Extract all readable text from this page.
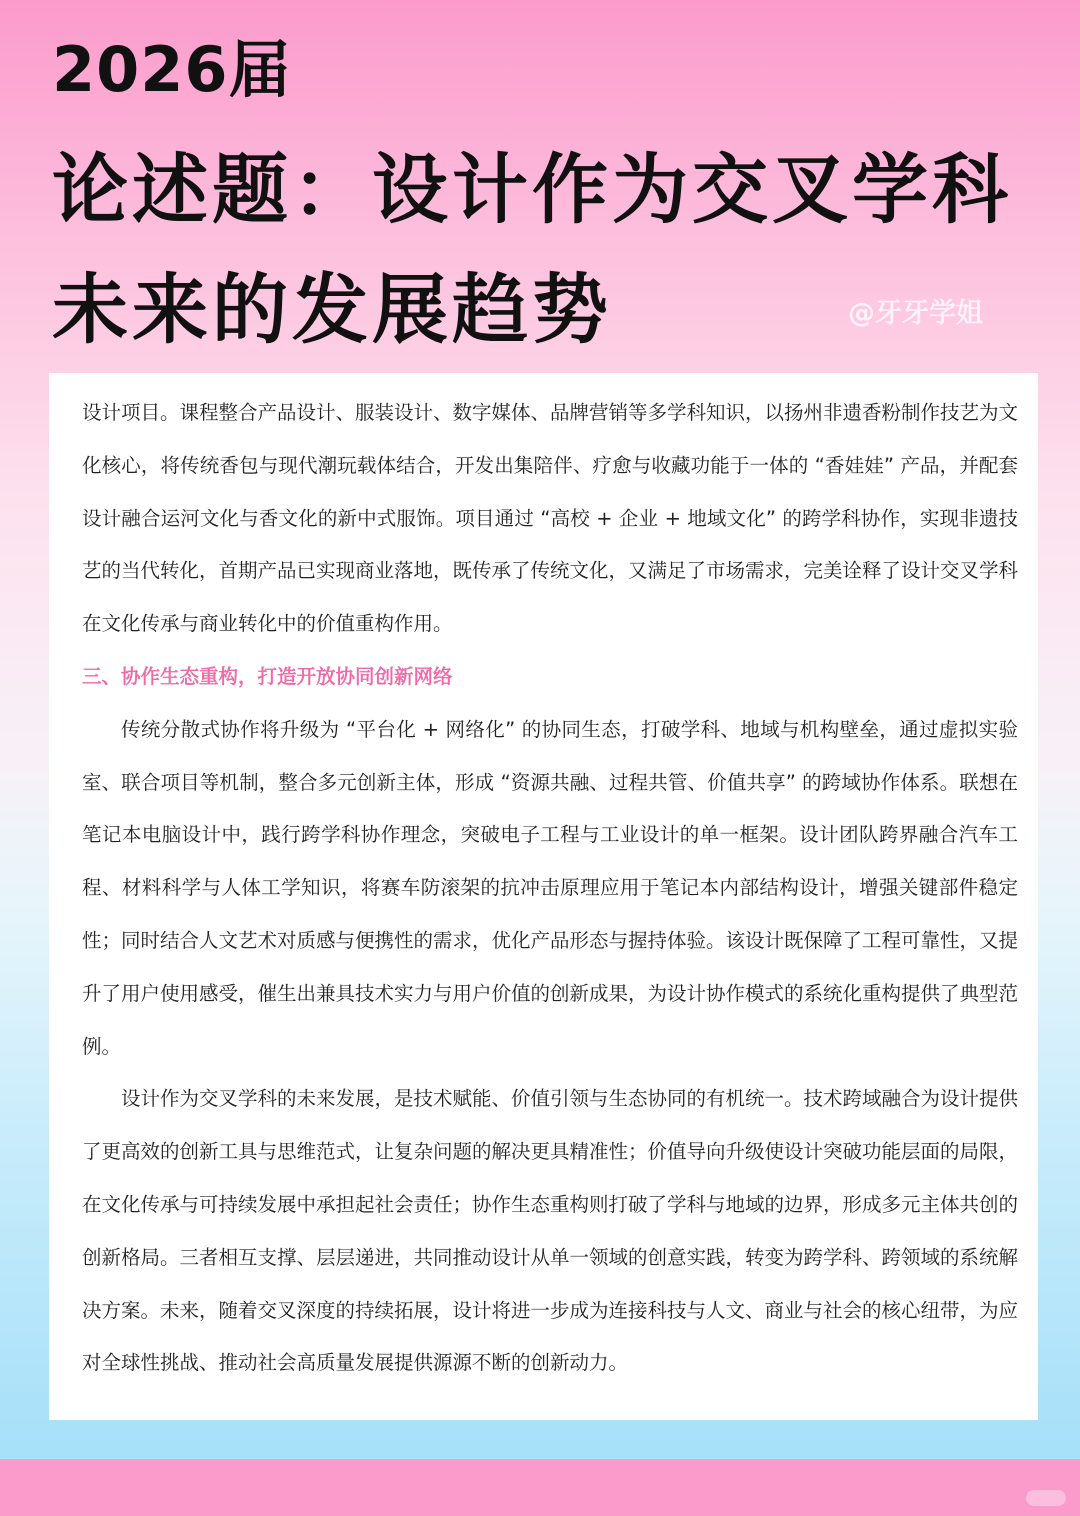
2026届
论述题：设计作为交叉学科
未来的发展趋势	@牙牙学姐

设计项目。课程整合产品设计、服装设计、数字媒体、品牌营销等多学科知识，以扬州非遗香粉制作技艺为文化核心，将传统香包与现代潮玩载体结合，开发出集陪伴、疗愈与收藏功能于一体的 “香娃娃” 产品，并配套设计融合运河文化与香文化的新中式服饰。项目通过 “高校 + 企业 + 地域文化” 的跨学科协作，实现非遗技艺的当代转化，首期产品已实现商业落地，既传承了传统文化，又满足了市场需求，完美诠释了设计交叉学科在文化传承与商业转化中的价值重构作用。

三、协作生态重构，打造开放协同创新网络

传统分散式协作将升级为 “平台化 + 网络化” 的协同生态，打破学科、地域与机构壁垒，通过虚拟实验室、联合项目等机制，整合多元创新主体，形成 “资源共融、过程共管、价值共享” 的跨域协作体系。联想在笔记本电脑设计中，践行跨学科协作理念，突破电子工程与工业设计的单一框架。设计团队跨界融合汽车工程、材料科学与人体工学知识，将赛车防滚架的抗冲击原理应用于笔记本内部结构设计，增强关键部件稳定性；同时结合人文艺术对质感与便携性的需求，优化产品形态与握持体验。该设计既保障了工程可靠性，又提升了用户使用感受，催生出兼具技术实力与用户价值的创新成果，为设计协作模式的系统化重构提供了典型范例。

设计作为交叉学科的未来发展，是技术赋能、价值引领与生态协同的有机统一。技术跨域融合为设计提供了更高效的创新工具与思维范式，让复杂问题的解决更具精准性；价值导向升级使设计突破功能层面的局限，在文化传承与可持续发展中承担起社会责任；协作生态重构则打破了学科与地域的边界，形成多元主体共创的创新格局。三者相互支撑、层层递进，共同推动设计从单一领域的创意实践，转变为跨学科、跨领域的系统解决方案。未来，随着交叉深度的持续拓展，设计将进一步成为连接科技与人文、商业与社会的核心纽带，为应对全球性挑战、推动社会高质量发展提供源源不断的创新动力。
